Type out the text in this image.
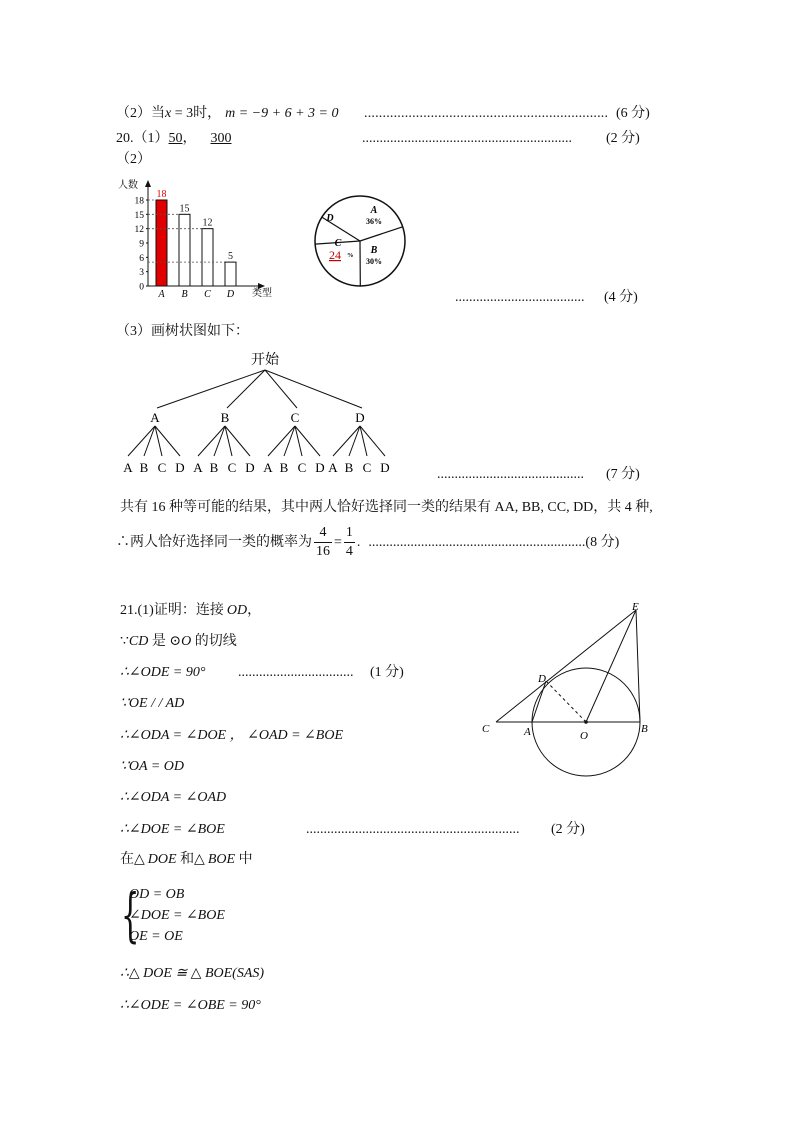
（2）当x = 3时， m = −9 + 6 + 3 = 0 .................................................................. (6 分)
20.（1）50， 300	............................................................ (2 分)
（2）
人数
类型
0
3
6
9
12
15
18
18
A
15
B
12
C
5
D
A
36%
B
30%
C
24 %
D
..................................... (4 分)
（3）画树状图如下：
开始
A
A B C D
B
A B C D
C
A B C D
D
A B C D	.......................................... (7 分)
共有 16 种等可能的结果，其中两人恰好选择同一类的结果有 AA, BB, CC, DD，共 4 种,
∴两人恰好选择同一类的概率为 $\frac{4}{16} = \frac{1}{4}$ . ..............................................................(8 分)
21.(1)证明：连接 OD，
∵CD 是 ⊙O 的切线
∴∠ODE = 90° ................................. (1 分)
∵OE / / AD
∴∠ODA = ∠DOE ， ∠OAD = ∠BOE
∵OA = OD
∴∠ODA = ∠OAD
∴∠DOE = ∠BOE	............................................................. (2 分)
在△ DOE 和△ BOE 中
{
OD = OB
∠DOE = ∠BOE
OE = OE
∴△ DOE ≅ △ BOE(SAS)
∴∠ODE = ∠OBE = 90°
E
D
C	A	O
B
